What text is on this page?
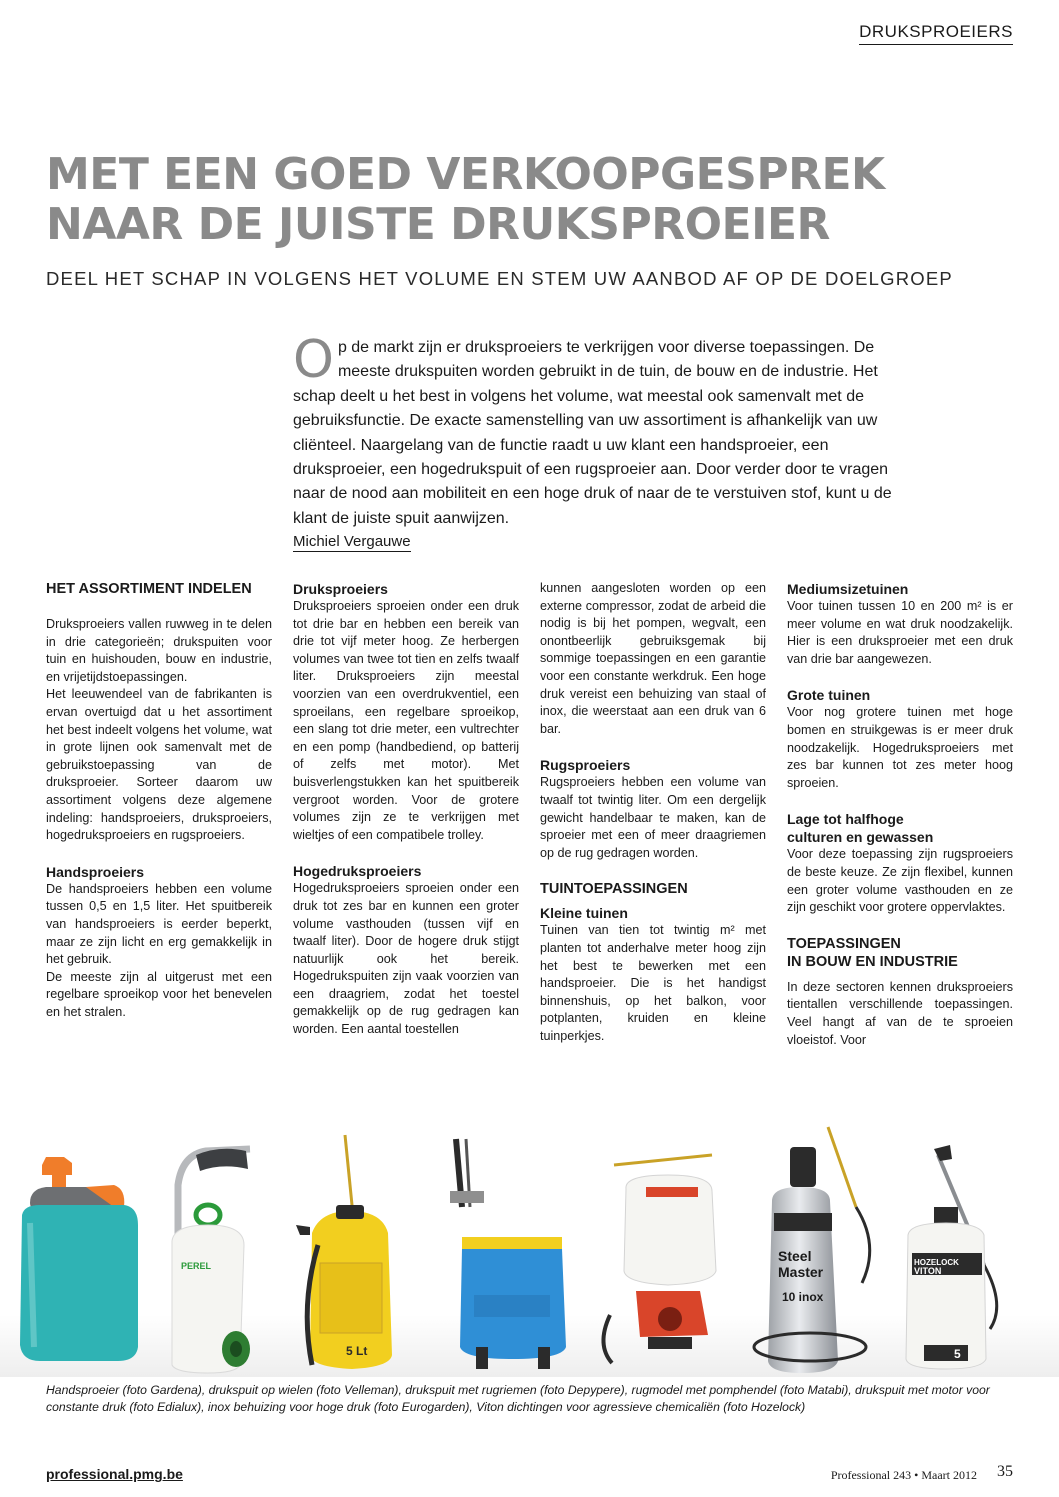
DRUKSPROEIERS
MET EEN GOED VERKOOPGESPREK
NAAR DE JUISTE DRUKSPROEIER
DEEL HET SCHAP IN VOLGENS HET VOLUME EN STEM UW AANBOD AF OP DE DOELGROEP

Op de markt zijn er druksproeiers te verkrijgen voor diverse toepassingen. De meeste drukspuiten worden gebruikt in de tuin, de bouw en de industrie. Het schap deelt u het best in volgens het volume, wat meestal ook samenvalt met de gebruiksfunctie. De exacte samenstelling van uw assortiment is afhankelijk van uw cliënteel. Naargelang van de functie raadt u uw klant een handsproeier, een druksproeier, een hogedrukspuit of een rugsproeier aan. Door verder door te vragen naar de nood aan mobiliteit en een hoge druk of naar de te verstuiven stof, kunt u de klant de juiste spuit aanwijzen.

Michiel Vergauwe
HET ASSORTIMENT INDELEN

Druksproeiers vallen ruwweg in te delen in drie categorieën; drukspuiten voor tuin en huishouden, bouw en industrie, en vrijetijdstoepassingen.

Het leeuwendeel van de fabrikanten is ervan overtuigd dat u het assortiment het best indeelt volgens het volume, wat in grote lijnen ook samenvalt met de gebruikstoepassing van de druksproeier. Sorteer daarom uw assortiment volgens deze algemene indeling: handsproeiers, druksproeiers, hogedruksproeiers en rugsproeiers.

Handsproeiers

De handsproeiers hebben een volume tussen 0,5 en 1,5 liter. Het spuitbereik van handsproeiers is eerder beperkt, maar ze zijn licht en erg gemakkelijk in het gebruik.

De meeste zijn al uitgerust met een regelbare sproeikop voor het benevelen en het stralen.

Druksproeiers

Druksproeiers sproeien onder een druk tot drie bar en hebben een bereik van drie tot vijf meter hoog. Ze herbergen volumes van twee tot tien en zelfs twaalf liter. Druksproeiers zijn meestal voorzien van een overdrukventiel, een sproeilans, een regelbare sproeikop, een slang tot drie meter, een vultrechter en een pomp (handbediend, op batterij of zelfs met motor). Met buisverlengstukken kan het spuitbereik vergroot worden. Voor de grotere volumes zijn ze te verkrijgen met wieltjes of een compatibele trolley.

Hogedruksproeiers

Hogedruksproeiers sproeien onder een druk tot zes bar en kunnen een groter volume vasthouden (tussen vijf en twaalf liter). Door de hogere druk stijgt natuurlijk ook het bereik. Hogedrukspuiten zijn vaak voorzien van een draagriem, zodat het toestel gemakkelijk op de rug gedragen kan worden. Een aantal toestellen

kunnen aangesloten worden op een externe compressor, zodat de arbeid die nodig is bij het pompen, wegvalt, een onontbeerlijk gebruiksgemak bij sommige toepassingen en een garantie voor een constante werkdruk. Een hoge druk vereist een behuizing van staal of inox, die weerstaat aan een druk van 6 bar.

Rugsproeiers

Rugsproeiers hebben een volume van twaalf tot twintig liter. Om een dergelijk gewicht handelbaar te maken, kan de sproeier met een of meer draagriemen op de rug gedragen worden.

TUINTOEPASSINGEN
Kleine tuinen

Tuinen van tien tot twintig m² met planten tot anderhalve meter hoog zijn het best te bewerken met een handsproeier. Die is het handigst binnenshuis, op het balkon, voor potplanten, kruiden en kleine tuinperkjes.

Mediumsizetuinen

Voor tuinen tussen 10 en 200 m² is er meer volume en wat druk noodzakelijk. Hier is een druksproeier met een druk van drie bar aangewezen.

Grote tuinen

Voor nog grotere tuinen met hoge bomen en struikgewas is er meer druk noodzakelijk. Hogedruksproeiers met zes bar kunnen tot zes meter hoog sproeien.

Lage tot halfhoge
culturen en gewassen

Voor deze toepassing zijn rugsproeiers de beste keuze. Ze zijn flexibel, kunnen een groter volume vasthouden en ze zijn geschikt voor grotere oppervlaktes.

TOEPASSINGEN
IN BOUW EN INDUSTRIE

In deze sectoren kennen druksproeiers tientallen verschillende toepassingen. Veel hangt af van de te sproeien vloeistof. Voor

PEREL
5 Lt
Steel
Master
10 inox
HOZELOCK
VITON
5

Handsproeier (foto Gardena), drukspuit op wielen (foto Velleman), drukspuit met rugriemen (foto Depypere), rugmodel met pomphendel (foto Matabi), drukspuit met motor voor constante druk (foto Edialux), inox behuizing voor hoge druk (foto Eurogarden), Viton dichtingen voor agressieve chemicaliën (foto Hozelock)

professional.pmg.be	Professional 243 • Maart 2012 35
